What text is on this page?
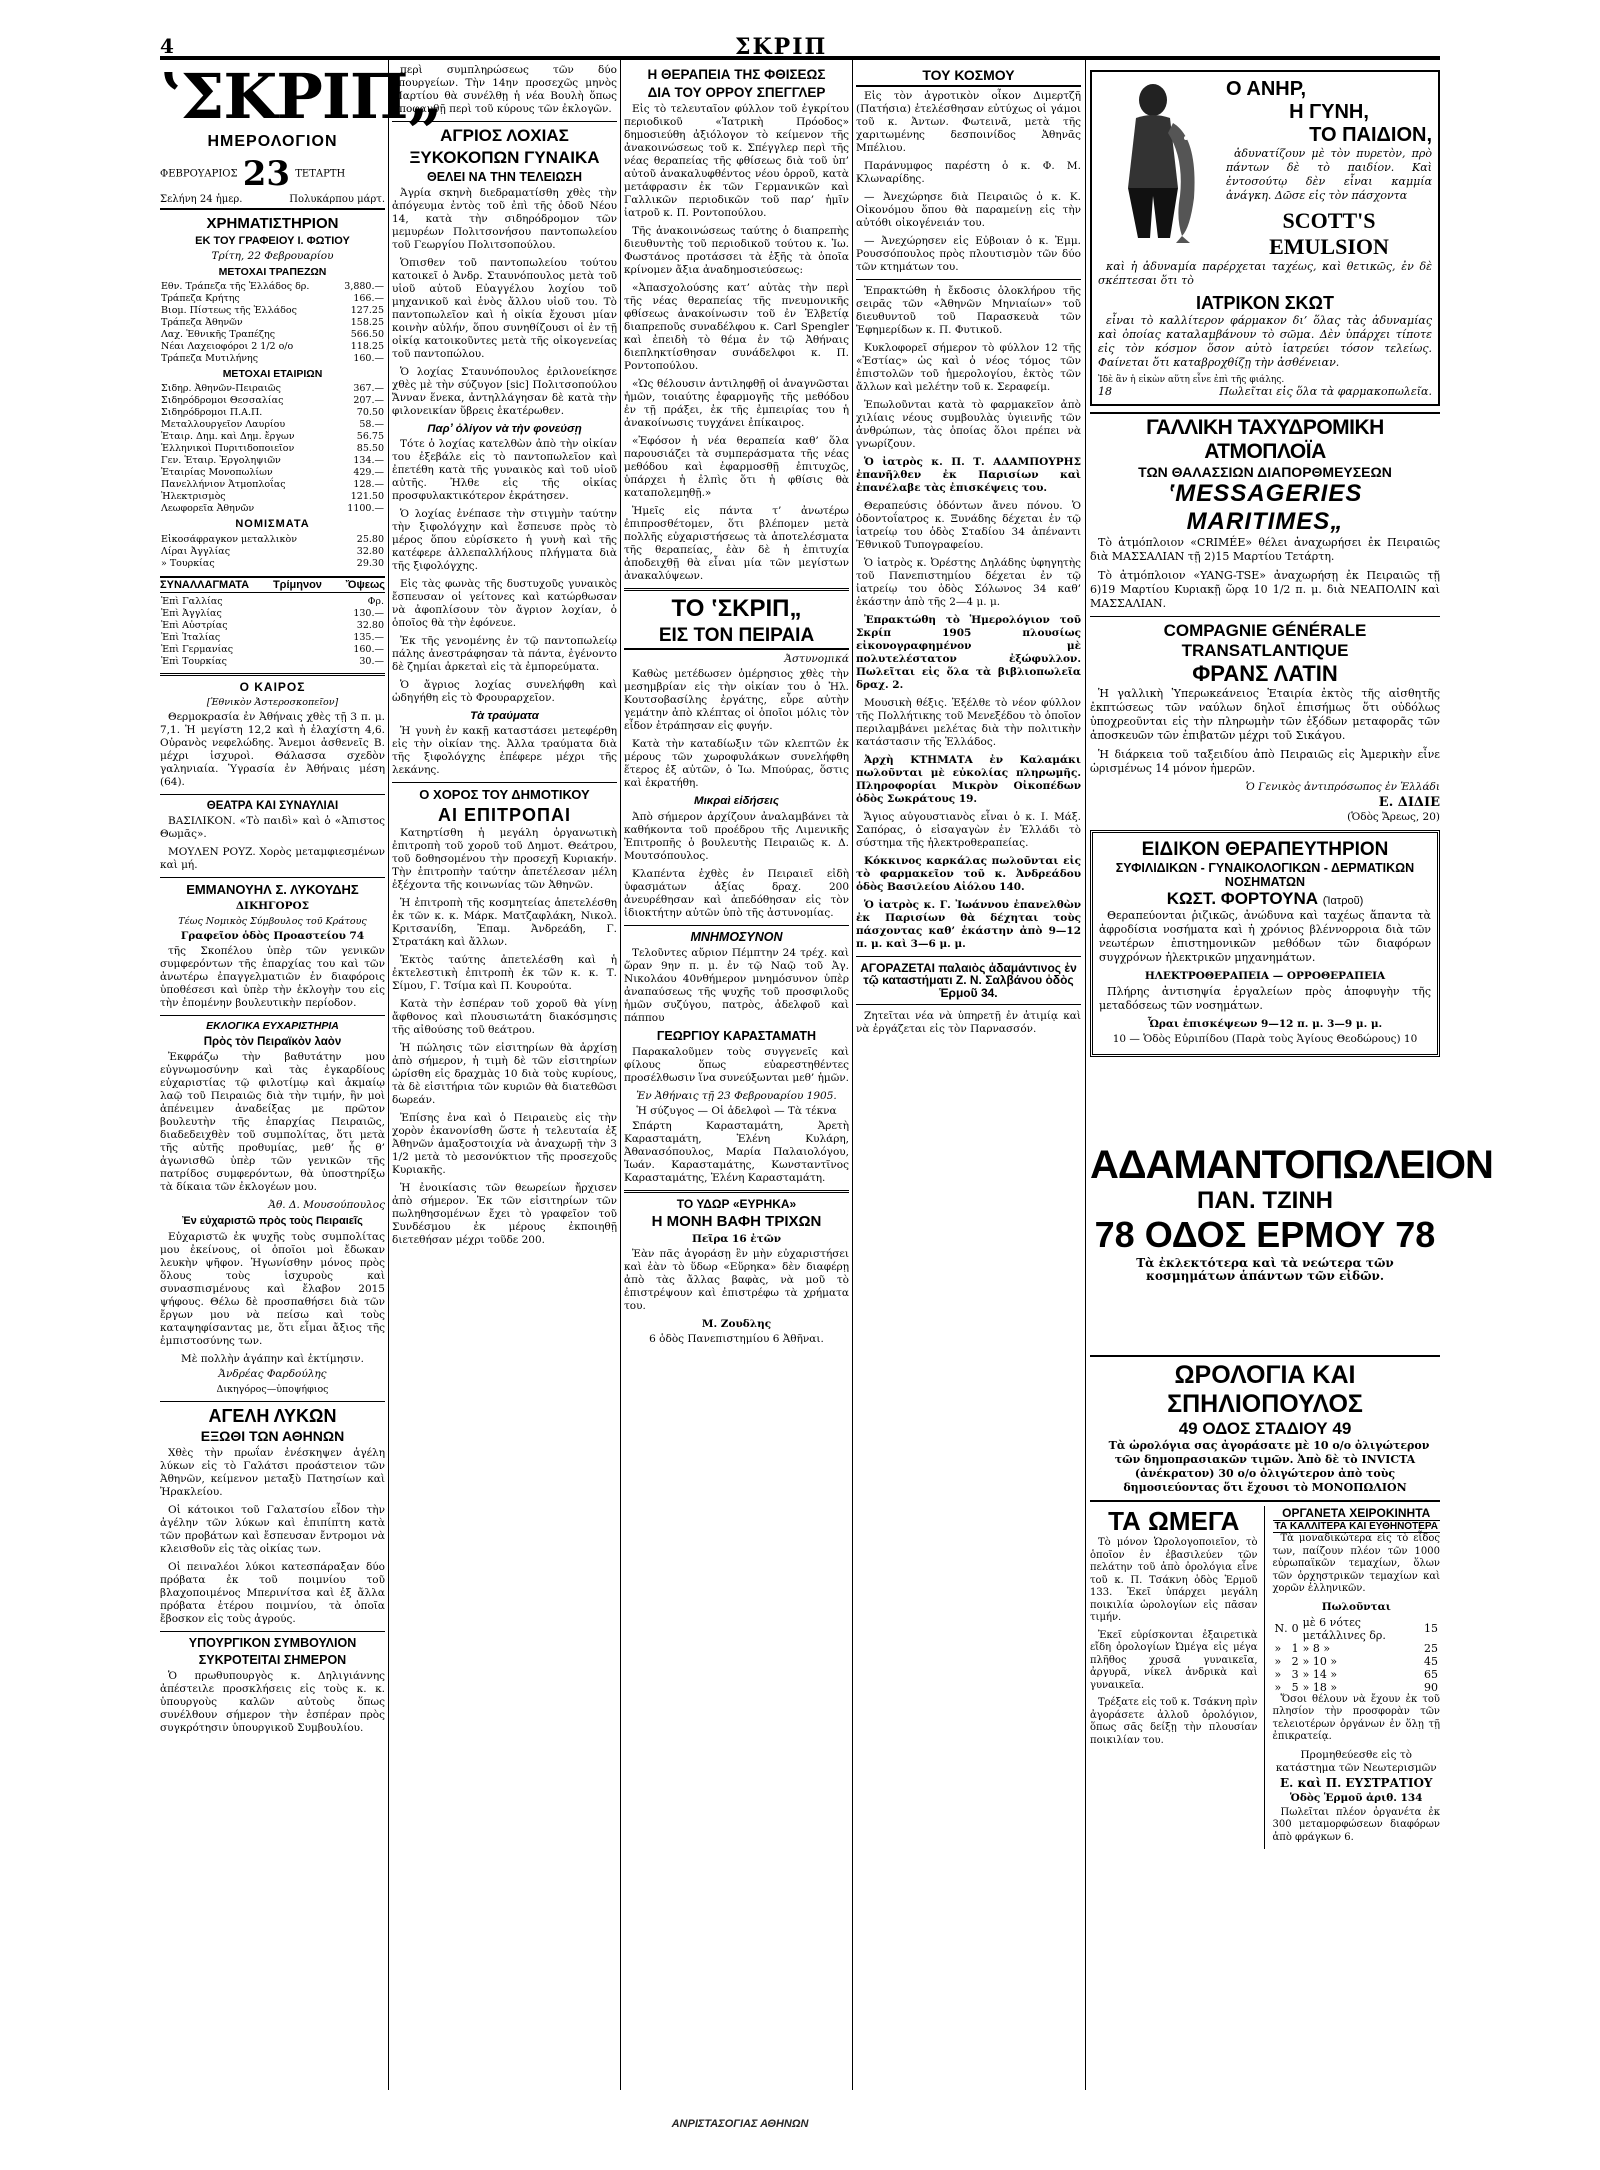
4	ΣΚΡΙΠ
ʽΣΚΡΙΠ„
ΗΜΕΡΟΛΟΓΙΟΝ
ΦΕΒΡΟΥΑΡΙΟΣ 23 ΤΕΤΑΡΤΗ
Σελήνη 24 ἡμερ.	Πολυκάρπου μάρτ.
ΧΡΗΜΑΤΙΣΤΗΡΙΟΝ
ΕΚ ΤΟΥ ΓΡΑΦΕΙΟΥ Ι. ΦΩΤΙΟΥ
Τρίτη, 22 Φεβρουαρίου
ΜΕΤΟΧΑΙ ΤΡΑΠΕΖΩΝ
Εθν. Τράπεζα τῆς Ἑλλάδος δρ.	3,880.—
Τράπεζα Κρήτης	166.—
Βιομ. Πίστεως τῆς Ἑλλάδος	127.25
Τράπεζα Ἀθηνῶν	158.25
Λαχ. Ἐθνικῆς Τραπέζης	566.50
Νέαι Λαχειοφόροι 2 1/2 ο/ο	118.25
Τράπεζα Μυτιλήνης	160.—
ΜΕΤΟΧΑΙ ΕΤΑΙΡΙΩΝ
Σιδηρ. Ἀθηνῶν-Πειραιῶς	367.—
Σιδηρόδρομοι Θεσσαλίας	207.—
Σιδηρόδρομοι Π.Α.Π.	70.50
Μεταλλουργεῖον Λαυρίου	58.—
Ἑταιρ. Δημ. καὶ Δημ. ἔργων	56.75
Ἑλληνικοὶ Πυριτιδοποιεῖον	85.50
Γεν. Ἑταιρ. Ἐργοληψιῶν	134.—
Ἑταιρίας Μονοπωλίων	429.—
Πανελλήνιον Ἀτμοπλοΐας	128.—
Ἠλεκτρισμὸς	121.50
Λεωφορεῖα Ἀθηνῶν	1100.—
ΝΟΜΙΣΜΑΤΑ
Εἰκοσάφραγκον μεταλλικὸν	25.80
Λίραι Ἀγγλίας	32.80
» Τουρκίας	29.30
ΣΥΝΑΛΛΑΓΜΑΤΑ Τρίμηνον Ὄψεως
Ἐπὶ Γαλλίας	Φρ.
Ἐπὶ Ἀγγλίας	130.—
Ἐπὶ Αὐστρίας	32.80
Ἐπὶ Ἰταλίας	135.—
Ἐπὶ Γερμανίας	160.—
Ἐπὶ Τουρκίας	30.—
Ο ΚΑΙΡΟΣ
[Ἐθνικὸν Ἀστεροσκοπεῖον]

Θερμοκρασία ἐν Ἀθήναις χθὲς τῇ 3 π. μ. 7,1. Ἡ μεγίστη 12,2 καὶ ἡ ἐλαχίστη 4,6. Οὐρανὸς νεφελώδης. Ἄνεμοι ἀσθενεῖς Β. μέχρι ἰσχυροὶ. Θάλασσα σχεδὸν γαληνιαία. Ὑγρασία ἐν Ἀθήναις μέση (64).

ΘΕΑΤΡΑ ΚΑΙ ΣΥΝΑΥΛΙΑΙ

ΒΑΣΙΛΙΚΟΝ. «Τὸ παιδὶ» καὶ ὁ «Ἀπιστος Θωμᾶς».

ΜΟΥΛΕΝ ΡΟΥΖ. Χορὸς μεταμφιεσμένων καὶ μή.

ΕΜΜΑΝΟΥΗΛ Σ. ΛΥΚΟΥΔΗΣ
ΔΙΚΗΓΟΡΟΣ
Τέως Νομικὸς Σύμβουλος τοῦ Κράτους
Γραφεῖον ὁδὸς Προαστείου 74

τῆς Σκοπέλου ὑπὲρ τῶν γενικῶν συμφερόντων τῆς ἐπαρχίας του καὶ τῶν ἀνωτέρω ἐπαγγελματιῶν ἐν διαφόροις ὑποθέσεσι καὶ ὑπὲρ τὴν ἐκλογὴν του εἰς τὴν ἐπομένην βουλευτικὴν περίοδον.

ΕΚΛΟΓΙΚΑ ΕΥΧΑΡΙΣΤΗΡΙΑ
Πρὸς τὸν Πειραϊκὸν λαὸν

Ἐκφράζω τὴν βαθυτάτην μου εὐγνωμοσύνην καὶ τὰς ἐγκαρδίους εὐχαριστίας τῷ φιλοτίμῳ καὶ ἀκμαίῳ λαῷ τοῦ Πειραιῶς διὰ τὴν τιμήν, ἣν μοὶ ἀπένειμεν ἀναδείξας με πρῶτον βουλευτὴν τῆς ἐπαρχίας Πειραιῶς, διαδεδειχθὲν τοῦ συμπολίτας, ὅτι μετὰ τῆς αὐτῆς προθυμίας, μεθ’ ἧς θ’ ἀγωνισθῶ ὑπὲρ τῶν γενικῶν τῆς πατρίδος συμφερόντων, θὰ ὑποστηρίξω τὰ δίκαια τῶν ἐκλογέων μου.

Ἀθ. Δ. Μουσούπουλος
Ἐν εὐχαριστῶ πρὸς τοὺς Πειραιεῖς

Εὐχαριστῶ ἐκ ψυχῆς τοὺς συμπολίτας μου ἐκείνους, οἱ ὁποῖοι μοὶ ἔδωκαν λευκὴν ψῆφον. Ἡγωνίσθην μόνος πρὸς ὅλους τοὺς ἰσχυροὺς καὶ συνασπισμένους καὶ ἔλαβον 2015 ψήφους. Θέλω δὲ προσπαθήσει διὰ τῶν ἔργων μου νὰ πείσω καὶ τοὺς καταψηφίσαντας με, ὅτι εἶμαι ἄξιος τῆς ἐμπιστοσύνης των.

Μὲ πολλὴν ἀγάπην καὶ ἐκτίμησιν.
Ἀνδρέας Φαρδούλης
Δικηγόρος—ὑποψήφιος
ΑΓΕΛΗ ΛΥΚΩΝ
ΕΞΩΘΙ ΤΩΝ ΑΘΗΝΩΝ

Χθὲς τὴν πρωΐαν ἐνέσκηψεν ἀγέλη λύκων εἰς τὸ Γαλάτσι προάστειον τῶν Ἀθηνῶν, κείμενον μεταξὺ Πατησίων καὶ Ἠρακλείου.

Οἱ κάτοικοι τοῦ Γαλατσίου εἶδον τὴν ἀγέλην τῶν λύκων καὶ ἐπιπίπτη κατὰ τῶν προβάτων καὶ ἔσπευσαν ἔντρομοι νὰ κλεισθοῦν εἰς τὰς οἰκίας των.

Οἱ πειναλέοι λύκοι κατεσπάραξαν δύο πρόβατα ἐκ τοῦ ποιμνίου τοῦ βλαχοποιμένος Μπερινίτσα καὶ ἐξ ἄλλα πρόβατα ἑτέρου ποιμνίου, τὰ ὁποῖα ἔβοσκον εἰς τοὺς ἀγρούς.

ΥΠΟΥΡΓΙΚΟΝ ΣΥΜΒΟΥΛΙΟΝ
ΣΥΚΡΟΤΕΙΤΑΙ ΣΗΜΕΡΟΝ

Ὁ πρωθυπουργὸς κ. Δηλιγιάννης ἀπέστειλε προσκλήσεις εἰς τοὺς κ. κ. ὑπουργοὺς καλῶν αὐτοὺς ὅπως συνέλθουν σήμερον τὴν ἑσπέραν πρὸς συγκρότησιν ὑπουργικοῦ Συμβουλίου.

περὶ συμπληρώσεως τῶν δύο ὑπουργείων. Τὴν 14ην προσεχῶς μηνὸς Μαρτίου θὰ συνέλθῃ ἡ νέα Βουλὴ ὅπως ἀποφανθῇ περὶ τοῦ κύρους τῶν ἐκλογῶν.

ΑΓΡΙΟΣ ΛΟΧΙΑΣ
ΞΥΚΟΚΟΠΩΝ ΓΥΝΑΙΚΑ
ΘΕΛΕΙ ΝΑ ΤΗΝ ΤΕΛΕΙΩΣΗ

Ἀγρία σκηνὴ διεδραματίσθη χθὲς τὴν ἀπόγευμα ἐντὸς τοῦ ἐπὶ τῆς ὁδοῦ Νέου 14, κατὰ τὴν σιδηρόδρομον τῶν μεμυρέων Πολιτσονήσου παντοπωλείου τοῦ Γεωργίου Πολιτσοπούλου.

Ὁπισθεν τοῦ παντοπωλείου τούτου κατοικεῖ ὁ Ἀνδρ. Σταυνόπουλος μετὰ τοῦ υἱοῦ αὐτοῦ Εὐαγγέλου λοχίου τοῦ μηχανικοῦ καὶ ἑνὸς ἄλλου υἱοῦ του. Τὸ παντοπωλεῖον καὶ ἡ οἰκία ἔχουσι μίαν κοινὴν αὐλήν, ὅπου συνηθίζουσι οἱ ἐν τῇ οἰκίᾳ κατοικοῦντες μετὰ τῆς οἰκογενείας τοῦ παντοπώλου.

Ὁ λοχίας Σταυνόπουλος ἐριλονείκησε χθὲς μὲ τὴν σύζυγον [sic] Πολιτσοπούλου Ἄνναν ἕνεκα, ἀντηλλάγησαν δὲ κατὰ τὴν φιλονεικίαν ὕβρεις ἑκατέρωθεν.

Παρ’ ὀλίγον νὰ τὴν φονεύσῃ

Τότε ὁ λοχίας κατελθὼν ἀπὸ τὴν οἰκίαν του ἐξεβάλε εἰς τὸ παντοπωλεῖον καὶ ἐπετέθη κατὰ τῆς γυναικὸς καὶ τοῦ υἱοῦ αὐτῆς. Ἠλθε εἰς τῆς οἰκίας προσφυλακτικότερον ἐκράτησεν.

Ὁ λοχίας ἐνέπασε τὴν στιγμὴν ταύτην τὴν ξιφολόγχην καὶ ἔσπευσε πρὸς τὸ μέρος ὅπου εὑρίσκετο ἡ γυνὴ καὶ τῆς κατέφερε ἀλλεπαλλήλους πλήγματα διὰ τῆς ξιφολόγχης.

Εἰς τὰς φωνὰς τῆς δυστυχοῦς γυναικὸς ἔσπευσαν οἱ γείτονες καὶ κατώρθωσαν νὰ ἀφοπλίσουν τὸν ἄγριον λοχίαν, ὁ ὁποῖος θὰ τὴν ἐφόνευε.

Ἐκ τῆς γενομένης ἐν τῷ παντοπωλείῳ πάλης ἀνεστράφησαν τὰ πάντα, ἐγένοντο δὲ ζημίαι ἀρκεταὶ εἰς τὰ ἐμπορεύματα.

Ὁ ἄγριος λοχίας συνελήφθη καὶ ὡδηγήθη εἰς τὸ Φρουραρχεῖον.

Τὰ τραύματα

Ἡ γυνὴ ἐν κακῇ καταστάσει μετεφέρθη εἰς τὴν οἰκίαν της. Ἀλλα τραύματα διὰ τῆς ξιφολόγχης ἐπέφερε μέχρι τῆς λεκάνης.

Ο ΧΟΡΟΣ ΤΟΥ ΔΗΜΟΤΙΚΟΥ
ΑΙ ΕΠΙΤΡΟΠΑΙ

Κατηρτίσθη ἡ μεγάλη ὀργανωτικὴ ἐπιτροπὴ τοῦ χοροῦ τοῦ Δημοτ. Θεάτρου, τοῦ δοθησομένου τὴν προσεχῆ Κυριακήν. Τὴν ἐπιτροπὴν ταύτην ἀπετέλεσαν μέλη ἐξέχοντα τῆς κοινωνίας τῶν Ἀθηνῶν.

Ἡ ἐπιτροπὴ τῆς κοσμητείας ἀπετελέσθη ἐκ τῶν κ. κ. Μάρκ. Ματζαφλάκη, Νικολ. Κριτσανίδη, Ἐπαμ. Ἀνδρεάδη, Γ. Στρατάκη καὶ ἄλλων.

Ἐκτὸς ταύτης ἀπετελέσθη καὶ ἡ ἐκτελεστικὴ ἐπιτροπὴ ἐκ τῶν κ. κ. Τ. Σίμου, Γ. Τσίμα καὶ Π. Κουρούτα.

Κατὰ τὴν ἐσπέραν τοῦ χοροῦ θὰ γίνῃ ἄφθονος καὶ πλουσιωτάτη διακόσμησις τῆς αἰθούσης τοῦ θεάτρου.

Ἡ πώλησις τῶν εἰσιτηρίων θὰ ἀρχίσῃ ἀπὸ σήμερον, ἡ τιμὴ δὲ τῶν εἰσιτηρίων ὡρίσθη εἰς δραχμὰς 10 διὰ τοὺς κυρίους, τὰ δὲ εἰσιτήρια τῶν κυριῶν θὰ διατεθῶσι δωρεάν.

Ἐπίσης ἐνα καὶ ὁ Πειραιεὺς εἰς τὴν χορὸν ἐκανονίσθη ὥστε ἡ τελευταία ἐξ Ἀθηνῶν ἁμαξοστοιχία νὰ ἀναχωρῇ τὴν 3 1/2 μετὰ τὸ μεσονύκτιον τῆς προσεχοῦς Κυριακῆς.

Ἡ ἐνοικίασις τῶν θεωρείων ἤρχισεν ἀπὸ σήμερον. Ἐκ τῶν εἰσιτηρίων τῶν πωληθησομένων ἔχει τὸ γραφεῖον τοῦ Συνδέσμου ἐκ μέρους ἐκποιηθῇ διετεθήσαν μέχρι τοῦδε 200.

Η ΘΕΡΑΠΕΙΑ ΤΗΣ ΦΘΙΣΕΩΣ
ΔΙΑ ΤΟΥ ΟΡΡΟΥ ΣΠΕΓΓΛΕΡ

Εἰς τὸ τελευταῖον φύλλον τοῦ ἐγκρίτου περιοδικοῦ «Ἰατρικὴ Πρόοδος» δημοσιεύθη ἀξιόλογον τὸ κείμενον τῆς ἀνακοινώσεως τοῦ κ. Σπέγγλερ περὶ τῆς νέας θεραπείας τῆς φθίσεως διὰ τοῦ ὑπ’ αὐτοῦ ἀνακαλυφθέντος νέου ὀρροῦ, κατὰ μετάφρασιν ἐκ τῶν Γερμανικῶν καὶ Γαλλικῶν περιοδικῶν τοῦ παρ’ ἡμῖν ἰατροῦ κ. Π. Ροντοπούλου.

Τῆς ἀνακοινώσεως ταύτης ὁ διαπρεπὴς διευθυντὴς τοῦ περιοδικοῦ τούτου κ. Ἰω. Φωστάνος προτάσσει τὰ ἑξῆς τὰ ὁποῖα κρίνομεν ἄξια ἀναδημοσιεύσεως:

«Ἀπασχολούσης κατ’ αὐτὰς τὴν περὶ τῆς νέας θεραπείας τῆς πνευμονικῆς φθίσεως ἀνακοίνωσιν τοῦ ἐν Ἑλβετίᾳ διαπρεποῦς συναδέλφου κ. Carl Spengler καὶ ἐπειδὴ τὸ θέμα ἐν τῷ Ἀθήναις διεπληκτίσθησαν συνάδελφοι κ. Π. Ροντοπούλου.

«Ὡς θέλουσιν ἀντιληφθῇ οἱ ἀναγνῶσται ἡμῶν, τοιαύτης ἐφαρμογῆς τῆς μεθόδου ἐν τῇ πράξει, ἐκ τῆς ἐμπειρίας του ἡ ἀνακοίνωσις τυγχάνει ἐπίκαιρος.

«Ἐφόσον ἡ νέα θεραπεία καθ’ ὅλα παρουσιάζει τὰ συμπεράσματα τῆς νέας μεθόδου καὶ ἐφαρμοσθῇ ἐπιτυχῶς, ὑπάρχει ἡ ἐλπὶς ὅτι ἡ φθίσις θὰ καταπολεμηθῇ.»

Ἡμεῖς εἰς πάντα τ’ ἀνωτέρω ἐπιπροσθέτομεν, ὅτι βλέπομεν μετὰ πολλῆς εὐχαριστήσεως τὰ ἀποτελέσματα τῆς θεραπείας, ἐὰν δὲ ἡ ἐπιτυχία ἀποδειχθῇ θὰ εἶναι μία τῶν μεγίστων ἀνακαλύψεων.

ΤΟ ʽΣΚΡΙΠ„
ΕΙΣ ΤΟΝ ΠΕΙΡΑΙΑ
Ἀστυνομικά

Καθὼς μετέδωσεν ὁμέρησιος χθὲς τὴν μεσημβρίαν εἰς τὴν οἰκίαν του ὁ Ἠλ. Κουτσοβασίλης ἐργάτης, εὗρε αὐτὴν γεμάτην ἀπὸ κλέπτας οἱ ὁποῖοι μόλις τὸν εἶδον ἐτράπησαν εἰς φυγήν.

Κατὰ τὴν καταδίωξιν τῶν κλεπτῶν ἐκ μέρους τῶν χωροφυλάκων συνελήφθη ἕτερος ἐξ αὐτῶν, ὁ Ἰω. Μπούρας, ὅστις καὶ ἐκρατήθη.

Μικραὶ εἰδήσεις

Ἀπὸ σήμερον ἀρχίζουν ἀναλαμβάνει τὰ καθήκοντα τοῦ προέδρου τῆς Λιμενικῆς Ἐπιτροπῆς ὁ βουλευτὴς Πειραιῶς κ. Δ. Μουτσόπουλος.

Κλαπέντα ἐχθὲς ἐν Πειραιεῖ εἰδὴ ὑφασμάτων ἀξίας δραχ. 200 ἀνευρέθησαν καὶ ἀπεδόθησαν εἰς τὸν ἰδιοκτήτην αὐτῶν ὑπὸ τῆς ἀστυνομίας.

ΜΝΗΜΟΣΥΝΟΝ

Τελοῦντες αὔριον Πέμπτην 24 τρέχ. καὶ ὥραν 9ην π. μ. ἐν τῷ Ναῷ τοῦ Ἀγ. Νικολάου 40νθήμερον μνημόσυνον ὑπὲρ ἀναπαύσεως τῆς ψυχῆς τοῦ προσφιλοῦς ἡμῶν συζύγου, πατρὸς, ἀδελφοῦ καὶ πάππου

ΓΕΩΡΓΙΟΥ ΚΑΡΑΣΤΑΜΑΤΗ

Παρακαλοῦμεν τοὺς συγγενεῖς καὶ φίλους ὅπως εὐαρεστηθέντες προσέλθωσιν ἵνα συνεύξωνται μεθ’ ἡμῶν.

Ἐν Ἀθήναις τῇ 23 Φεβρουαρίου 1905.
Ἡ σύζυγος — Οἱ ἀδελφοὶ — Τὰ τέκνα

Σπάρτη Καρασταμάτη, Ἀρετὴ Καρασταμάτη, Ἑλένη Κυλάρη, Ἀθανασόπουλος, Μαρία Παλαιολόγου, Ἰωάν. Καρασταμάτης, Κωνσταντῖνος Καρασταμάτης, Ἑλένη Καρασταμάτη.

ΤΟ ΥΔΩΡ «ΕΥΡΗΚΑ»
Η ΜΟΝΗ ΒΑΦΗ ΤΡΙΧΩΝ
Πεῖρα 16 ἐτῶν

Ἐὰν πᾶς ἀγοράσῃ ἓν μὴν εὐχαριστήσει καὶ ἐὰν τὸ ὕδωρ «Εὕρηκα» δὲν διαφέρῃ ἀπὸ τὰς ἄλλας βαφὰς, νὰ μοῦ τὸ ἐπιστρέψουν καὶ ἐπιστρέφω τὰ χρήματα του.

Μ. Ζουδλης
6 ὁδὸς Πανεπιστημίου 6 Ἀθῆναι.
ΤΟΥ ΚΟΣΜΟΥ

Εἰς τὸν ἀγροτικὸν οἶκον Διμερτζῆ (Πατήσια) ἐτελέσθησαν εὐτύχως οἱ γάμοι τοῦ κ. Ἀντων. Φωτεινᾶ, μετὰ τῆς χαριτωμένης δεσποινίδος Ἀθηνᾶς Μπέλιου.

Παράνυμφος παρέστη ὁ κ. Φ. Μ. Κλωναρίδης.

— Ἀνεχώρησε διὰ Πειραιῶς ὁ κ. Κ. Οἰκονόμου ὅπου θὰ παραμείνῃ εἰς τὴν αὐτόθι οἰκογένειάν του.

— Ἀνεχώρησεν εἰς Εὐβοιαν ὁ κ. Ἐμμ. Ρουσσόπουλος πρὸς πλουτισμὸν τῶν δύο τῶν κτημάτων του.

Ἐπρακτώθη ἡ ἔκδοσις ὁλοκλήρου τῆς σειρᾶς τῶν «Ἀθηνῶν Μηνιαίων» τοῦ διευθυντοῦ τοῦ Παρασκευὰ τῶν Ἐφημερίδων κ. Π. Φυτικοῦ.

Κυκλοφορεῖ σήμερον τὸ φύλλον 12 τῆς «Ἑστίας» ὡς καὶ ὁ νέος τόμος τῶν ἐπιστολῶν τοῦ ἡμερολογίου, ἐκτὸς τῶν ἄλλων καὶ μελέτην τοῦ κ. Σεραφείμ.

Ἐπωλοῦνται κατὰ τὸ φαρμακεῖον ἀπὸ χιλίαις νέους συμβουλὰς ὑγιεινῆς τῶν ἀνθρώπων, τὰς ὁποίας ὅλοι πρέπει νὰ γνωρίζουν.

Ὁ ἰατρὸς κ. Π. Τ. ΑΔΑΜΠΟΥΡΗΣ ἐπανῆλθεν ἐκ Παρισίων καὶ ἐπανέλαβε τὰς ἐπισκέψεις του.

Θεραπεύσις ὀδόντων ἄνευ πόνου. Ὁ ὀδοντοΐατρος κ. Ξυνάδης δέχεται ἐν τῷ ἰατρείῳ του ὁδὸς Σταδίου 34 ἀπέναντι Ἐθνικοῦ Τυπογραφείου.

Ὁ ἰατρὸς κ. Ὀρέστης Δηλάδης ὑφηγητὴς τοῦ Πανεπιστημίου δέχεται ἐν τῷ ἰατρείῳ του ὁδὸς Σόλωνος 34 καθ’ ἑκάστην ἀπὸ τῆς 2—4 μ. μ.

Ἐπρακτώθη τὸ Ἡμερολόγιον τοῦ Σκρίπ 1905 πλουσίως εἰκονογραφημένον μὲ πολυτελέστατον ἐξώφυλλον. Πωλεῖται εἰς ὅλα τὰ βιβλιοπωλεῖα δραχ. 2.

Μουσικὴ θέξις. Ἐξέλθε τὸ νέον φύλλον τῆς Πολλήτικης τοῦ Μενεξέδου τὸ ὁποῖον περιλαμβάνει μελέτας διὰ τὴν πολιτικὴν κατάστασιν τῆς Ἑλλάδος.

Ἀρχὴ ΚΤΗΜΑΤΑ ἐν Καλαμάκι πωλοῦνται μὲ εὐκολίας πληρωμῆς. Πληροφορίαι Μικρὸν Οἰκοπέδων ὁδὸς Σωκράτους 19.

Ἄγιος αὐγουστιανὸς εἶναι ὁ κ. Ι. Μάξ. Σαπόρας, ὁ εἰσαγαγὼν ἐν Ἑλλάδι τὸ σύστημα τῆς ἠλεκτροθεραπείας.

Κόκκινος καρκάλας πωλοῦνται εἰς τὸ φαρμακεῖον τοῦ κ. Ἀνδρεάδου ὁδὸς Βασιλείου Αἰόλου 140.

Ὁ ἰατρὸς κ. Γ. Ἰωάννου ἐπανελθὼν ἐκ Παρισίων θὰ δέχηται τοὺς πάσχοντας καθ’ ἑκάστην ἀπὸ 9—12 π. μ. καὶ 3—6 μ. μ.

ΑΓΟΡΑΖΕΤΑΙ παλαιὸς ἀδαμάντινος ἐν τῷ καταστήματι Ζ. Ν. Σαλβάνου ὁδὸς Ἑρμοῦ 34.

Ζητεῖται νέα νὰ ὑπηρετῇ ἐν ἀτιμίᾳ καὶ νὰ ἐργάζεται εἰς τὸν Παρνασσόν.

Ο ΑΝΗΡ,
Η ΓΥΝΗ,
ΤΟ ΠΑΙΔΙΟΝ,

ἀδυνατίζουν μὲ τὸν πυρετὸν, πρὸ πάντων δὲ τὸ παιδίον. Καὶ ἐντοσούτῳ δὲν εἶναι καμμία ἀνάγκη. Δῶσε εἰς τὸν πάσχοντα

SCOTT'S EMULSION

καὶ ἡ ἀδυναμία παρέρχεται ταχέως, καὶ θετικῶς, ἐν δὲ σκέπτεσαι ὅτι τὸ

ΙΑΤΡΙΚΟΝ ΣΚΩΤ

εἶναι τὸ καλλίτερον φάρμακον δι’ ὅλας τὰς ἀδυναμίας καὶ ὁποίας καταλαμβάνουν τὸ σῶμα. Δὲν ὑπάρχει τίποτε εἰς τὸν κόσμον ὅσον αὐτὸ ἰατρεύει τόσον τελείως. Φαίνεται ὅτι καταβροχθίζῃ τὴν ἀσθένειαν.

Ἰδὲ ἂν ἡ εἰκὼν αὕτη εἶνε ἐπὶ τῆς φιάλης.
18	Πωλεῖται εἰς ὅλα τὰ φαρμακοπωλεῖα.
ΓΑΛΛΙΚΗ ΤΑΧΥΔΡΟΜΙΚΗ ΑΤΜΟΠΛΟΪΑ
ΤΩΝ ΘΑΛΑΣΣΙΩΝ ΔΙΑΠΟΡΘΜΕΥΣΕΩΝ
ʽMESSAGERIES MARITIMES„

Τὸ ἀτμόπλοιον «CRIMÉE» θέλει ἀναχωρήσει ἐκ Πειραιῶς διὰ ΜΑΣΣΑΛΙΑΝ τῇ 2)15 Μαρτίου Τετάρτη.

Τὸ ἀτμόπλοιον «YANG-TSE» ἀναχωρήσῃ ἐκ Πειραιῶς τῇ 6)19 Μαρτίου Κυριακῇ ὥρᾳ 10 1/2 π. μ. διὰ ΝΕΑΠΟΛΙΝ καὶ ΜΑΣΣΑΛΙΑΝ.

COMPAGNIE GÉNÉRALE TRANSATLANTIQUE
ΦΡΑΝΣ ΛΑΤΙΝ

Ἡ γαλλικὴ Ὑπερωκεάνειος Ἑταιρία ἐκτὸς τῆς αἰσθητῆς ἐκπτώσεως τῶν ναύλων δηλοῖ ἐπισήμως ὅτι οὐδόλως ὑποχρεοῦνται εἰς τὴν πληρωμὴν τῶν ἐξόδων μεταφορᾶς τῶν ἀποσκευῶν τῶν ἐπιβατῶν μέχρι τοῦ Σικάγου.

Ἡ διάρκεια τοῦ ταξειδίου ἀπὸ Πειραιῶς εἰς Ἀμερικὴν εἶνε ὡρισμένως 14 μόνον ἡμερῶν.

Ὁ Γενικὸς ἀντιπρόσωπος ἐν Ἑλλάδι
Ε. ΔΙΔΙΕ
(Ὁδὸς Ἄρεως, 20)
ΕΙΔΙΚΟΝ ΘΕΡΑΠΕΥΤΗΡΙΟΝ
ΣΥΦΙΛΙΔΙΚΩΝ - ΓΥΝΑΙΚΟΛΟΓΙΚΩΝ - ΔΕΡΜΑΤΙΚΩΝ ΝΟΣΗΜΑΤΩΝ
ΚΩΣΤ. ΦΟΡΤΟΥΝΑ (Ἰατροῦ)

Θεραπεύονται ῥιζικῶς, ἀνώδυνα καὶ ταχέως ἅπαντα τὰ ἀφροδίσια νοσήματα καὶ ἡ χρόνιος βλέννορροια διὰ τῶν νεωτέρων ἐπιστημονικῶν μεθόδων τῶν διαφόρων συγχρόνων ἠλεκτρικῶν μηχανημάτων.

ΗΛΕΚΤΡΟΘΕΡΑΠΕΙΑ — ΟΡΡΟΘΕΡΑΠΕΙΑ

Πλήρης ἀντισηψία ἐργαλείων πρὸς ἀποφυγὴν τῆς μεταδόσεως τῶν νοσημάτων.

Ὧραι ἐπισκέψεων 9—12 π. μ. 3—9 μ. μ.
10 — Ὁδὸς Εὐριπίδου (Παρὰ τοὺς Ἁγίους Θεοδώρους) 10
ΑΔΑΜΑΝΤΟΠΩΛΕΙΟΝ
ΠΑΝ. ΤΖΙΝΗ
78 ΟΔΟΣ ΕΡΜΟΥ 78
Τὰ ἐκλεκτότερα καὶ τὰ νεώτερα τῶν κοσμημάτων ἁπάντων τῶν εἰδῶν.
ΩΡΟΛΟΓΙΑ ΚΑΙ ΣΠΗΛΙΟΠΟΥΛΟΣ
49 ΟΔΟΣ ΣΤΑΔΙΟΥ 49

Τὰ ὡρολόγια σας ἀγοράσατε μὲ 10 ο/ο ὀλιγώτερον τῶν δημοπρασιακῶν τιμῶν. Ἀπὸ δὲ τὸ INVICTA (ἀνέκρατον) 30 ο/ο ὀλιγώτερον ἀπὸ τοὺς δημοσιεύοντας ὅτι ἔχουσι τὸ ΜΟΝΟΠΩΛΙΟΝ

ΤΑ ΩΜΕΓΑ

Τὸ μόνον Ὡρολογοποιεῖον, τὸ ὁποῖον ἐν ἐβασιλεύεν τῶν πελάτην τοῦ ἀπὸ ὀρολόγια εἶνε τοῦ κ. Π. Τσάκνη ὁδὸς Ἑρμοῦ 133. Ἐκεῖ ὑπάρχει μεγάλη ποικιλία ὡρολογίων εἰς πᾶσαν τιμήν.

Ἐκεῖ εὑρίσκονται ἐξαιρετικὰ εἴδη ὀρολογίων Ὠμέγα εἰς μέγα πλῆθος χρυσᾶ γυναικεῖα, ἀργυρᾶ, νίκελ ἀνδρικὰ καὶ γυναικεῖα.

Τρέξατε εἰς τοῦ κ. Τσάκνη πρὶν ἀγοράσετε ἀλλοῦ ὀρολόγιον, ὅπως σᾶς δείξῃ τὴν πλουσίαν ποικιλίαν του.

ΟΡΓΑΝΕΤΑ ΧΕΙΡΟΚΙΝΗΤΑ
ΤΑ ΚΑΛΛΙΤΕΡΑ ΚΑΙ ΕΥΘΗΝΟΤΕΡΑ

Τὰ μοναδικώτερα εἰς τὸ εἶδος των, παίζουν πλέον τῶν 1000 εὐρωπαϊκῶν τεμαχίων, ὅλων τῶν ὀρχηστρικῶν τεμαχίων καὶ χορῶν ἑλληνικῶν.

Πωλοῦνται
Ν.	0	μὲ 6 νότες μετάλλινες δρ.	15
»	1	» 8 »	25
»	2	» 10 »	45
»	3	» 14 »	65
»	5	» 18 »	90

Ὅσοι θέλουν νὰ ἔχουν ἐκ τοῦ πλησίον τὴν προσφορὰν τῶν τελειοτέρων ὀργάνων ἐν ὅλῃ τῇ ἐπικρατείᾳ.

Προμηθεύεσθε εἰς τὸ κατάστημα τῶν Νεωτερισμῶν
Ε. καὶ Π. ΕΥΣΤΡΑΤΙΟΥ
Ὁδὸς Ἑρμοῦ ἀριθ. 134

Πωλεῖται πλέον ὀργανέτα ἐκ 300 μεταμορφώσεων διαφόρων ἀπὸ φράγκων 6.

ΑΝΡΙΣΤΑΣΟΓΙΑΣ ΑΘΗΝΩΝ
